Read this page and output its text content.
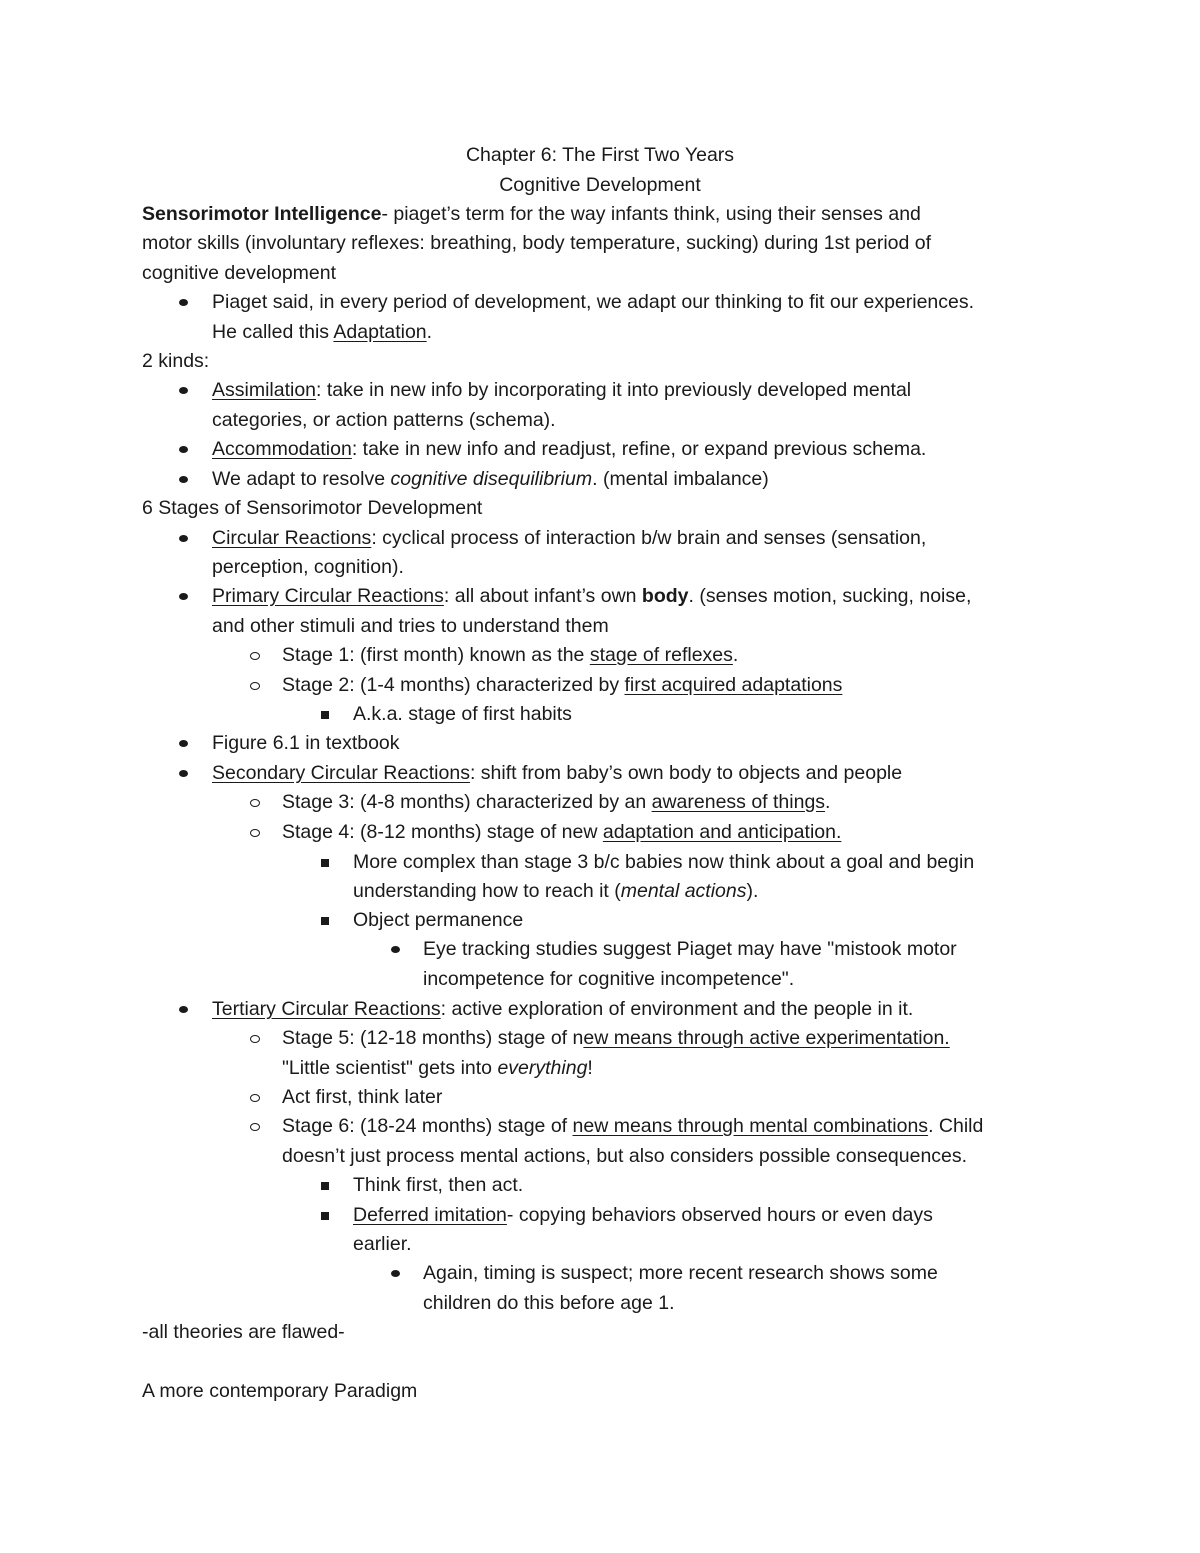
Chapter 6: The First Two Years
Cognitive Development
Sensorimotor Intelligence- piaget’s term for the way infants think, using their senses and
motor skills (involuntary reflexes: breathing, body temperature, sucking) during 1st period of
cognitive development
Piaget said, in every period of development, we adapt our thinking to fit our experiences.
He called this Adaptation.
2 kinds:
Assimilation: take in new info by incorporating it into previously developed mental
categories, or action patterns (schema).
Accommodation: take in new info and readjust, refine, or expand previous schema.
We adapt to resolve cognitive disequilibrium. (mental imbalance)
6 Stages of Sensorimotor Development
Circular Reactions: cyclical process of interaction b/w brain and senses (sensation,
perception, cognition).
Primary Circular Reactions: all about infant’s own body. (senses motion, sucking, noise,
and other stimuli and tries to understand them
Stage 1: (first month) known as the stage of reflexes.
Stage 2: (1-4 months) characterized by first acquired adaptations
A.k.a. stage of first habits
Figure 6.1 in textbook
Secondary Circular Reactions: shift from baby’s own body to objects and people
Stage 3: (4-8 months) characterized by an awareness of things.
Stage 4: (8-12 months) stage of new adaptation and anticipation.
More complex than stage 3 b/c babies now think about a goal and begin
understanding how to reach it (mental actions).
Object permanence
Eye tracking studies suggest Piaget may have "mistook motor
incompetence for cognitive incompetence".
Tertiary Circular Reactions: active exploration of environment and the people in it.
Stage 5: (12-18 months) stage of new means through active experimentation.
"Little scientist" gets into everything!
Act first, think later
Stage 6: (18-24 months) stage of new means through mental combinations. Child
doesn’t just process mental actions, but also considers possible consequences.
Think first, then act.
Deferred imitation- copying behaviors observed hours or even days
earlier.
Again, timing is suspect; more recent research shows some
children do this before age 1.
-all theories are flawed-
A more contemporary Paradigm
